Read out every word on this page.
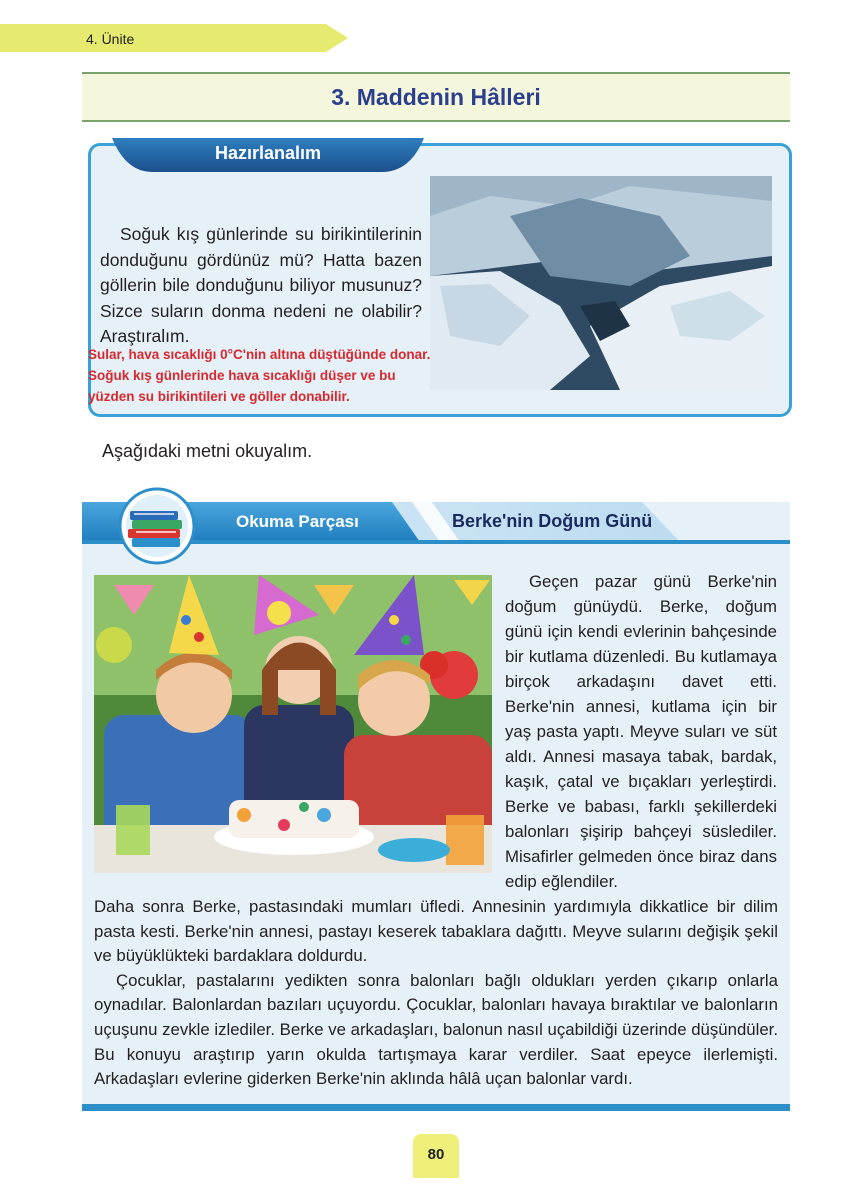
4. Ünite
3. Maddenin Hâlleri
Hazırlanalım

Soğuk kış günlerinde su birikintilerinin donduğunu gördünüz mü? Hatta bazen göllerin bile donduğunu biliyor musunuz? Sizce suların donma nedeni ne olabilir? Araştıralım.

Sular, hava sıcaklığı 0°C'nin altına düştüğünde donar. Soğuk kış günlerinde hava sıcaklığı düşer ve bu yüzden su birikintileri ve göller donabilir.
Aşağıdaki metni okuyalım.
Okuma Parçası	Berke'nin Doğum Günü

Geçen pazar günü Berke'nin doğum günüydü. Berke, doğum günü için kendi evlerinin bahçesinde bir kutlama düzenledi. Bu kutlamaya birçok arkadaşını davet etti. Berke'nin annesi, kutlama için bir yaş pasta yaptı. Meyve suları ve süt aldı. Annesi masaya tabak, bardak, kaşık, çatal ve bıçakları yerleştirdi. Berke ve babası, farklı şekillerdeki balonları şişirip bahçeyi süslediler. Misafirler gelmeden önce biraz dans edip eğlendiler.

Daha sonra Berke, pastasındaki mumları üfledi. Annesinin yardımıyla dikkatlice bir dilim pasta kesti. Berke'nin annesi, pastayı keserek tabaklara dağıttı. Meyve sularını değişik şekil ve büyüklükteki bardaklara doldurdu.

Çocuklar, pastalarını yedikten sonra balonları bağlı oldukları yerden çıkarıp onlarla oynadılar. Balonlardan bazıları uçuyordu. Çocuklar, balonları havaya bıraktılar ve balonların uçuşunu zevkle izlediler. Berke ve arkadaşları, balonun nasıl uçabildiği üzerinde düşündüler. Bu konuyu araştırıp yarın okulda tartışmaya karar verdiler. Saat epeyce ilerlemişti. Arkadaşları evlerine giderken Berke'nin aklında hâlâ uçan balonlar vardı.

80
